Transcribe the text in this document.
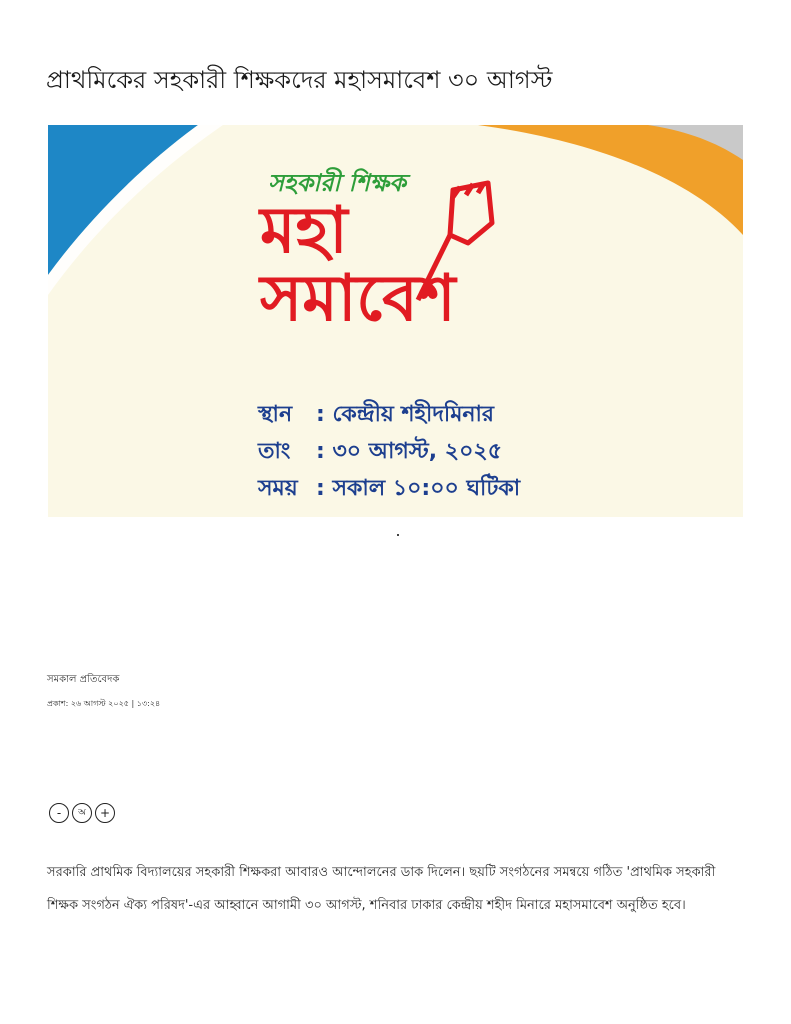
প্রাথমিকের সহকারী শিক্ষকদের মহাসমাবেশ ৩০ আগস্ট
সহকারী শিক্ষক
মহা
সমাবেশ
স্থান : কেন্দ্রীয় শহীদমিনার
তাং : ৩০ আগস্ট, ২০২৫
সময় : সকাল ১০:০০ ঘটিকা
সমকাল প্রতিবেদক
প্রকাশ: ২৬ আগস্ট ২০২৫ | ১৩:২৪
-	অ	+

সরকারি প্রাথমিক বিদ্যালয়ের সহকারী শিক্ষকরা আবারও আন্দোলনের ডাক দিলেন। ছয়টি সংগঠনের সমন্বয়ে গঠিত 'প্রাথমিক সহকারী শিক্ষক সংগঠন ঐক্য পরিষদ'-এর আহ্বানে আগামী ৩০ আগস্ট, শনিবার ঢাকার কেন্দ্রীয় শহীদ মিনারে মহাসমাবেশ অনুষ্ঠিত হবে।
